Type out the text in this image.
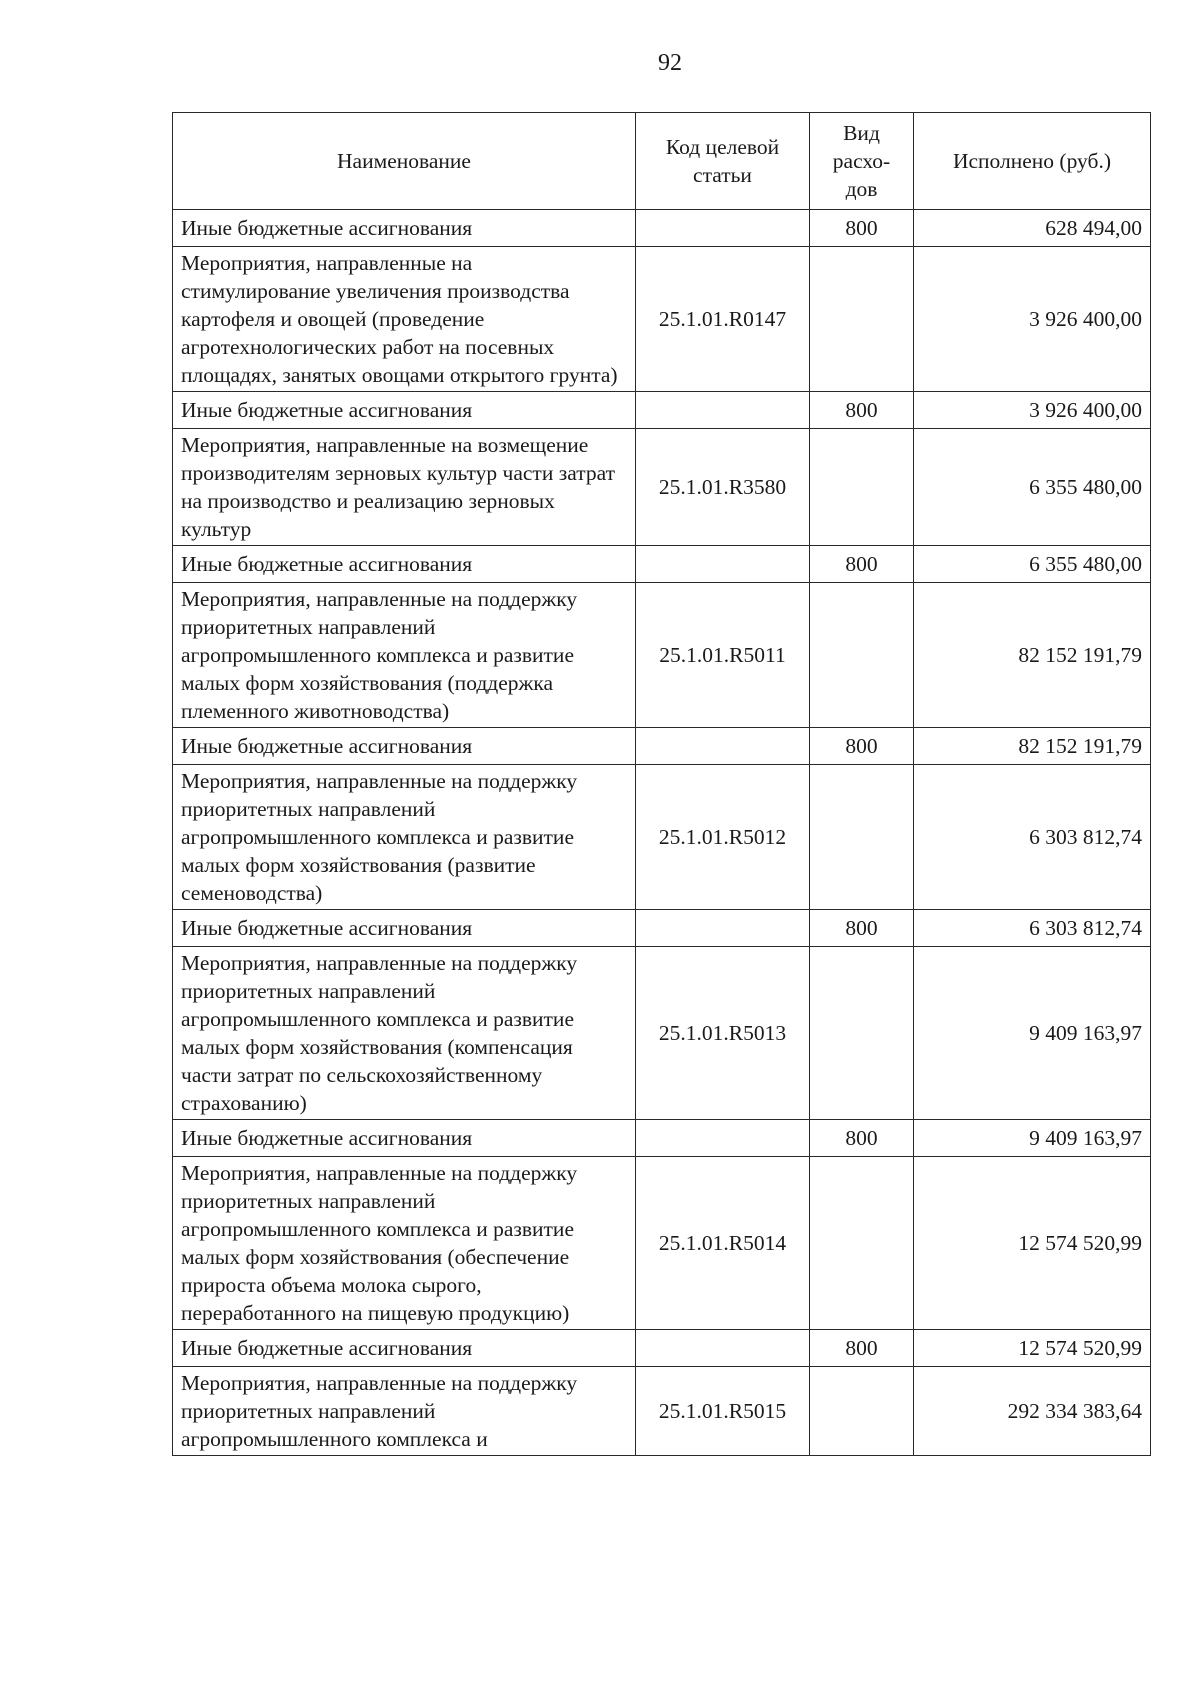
92
Наименование	Код целевой статьи	Вид расхо-дов	Исполнено (руб.)
Иные бюджетные ассигнования		800	628 494,00
Мероприятия, направленные на стимулирование увеличения производства картофеля и овощей (проведение агротехнологических работ на посевных площадях, занятых овощами открытого грунта)	25.1.01.R0147		3 926 400,00
Иные бюджетные ассигнования		800	3 926 400,00
Мероприятия, направленные на возмещение производителям зерновых культур части затрат на производство и реализацию зерновых культур	25.1.01.R3580		6 355 480,00
Иные бюджетные ассигнования		800	6 355 480,00
Мероприятия, направленные на поддержку приоритетных направлений агропромышленного комплекса и развитие малых форм хозяйствования (поддержка племенного животноводства)	25.1.01.R5011		82 152 191,79
Иные бюджетные ассигнования		800	82 152 191,79
Мероприятия, направленные на поддержку приоритетных направлений агропромышленного комплекса и развитие малых форм хозяйствования (развитие семеноводства)	25.1.01.R5012		6 303 812,74
Иные бюджетные ассигнования		800	6 303 812,74
Мероприятия, направленные на поддержку приоритетных направлений агропромышленного комплекса и развитие малых форм хозяйствования (компенсация части затрат по сельскохозяйственному страхованию)	25.1.01.R5013		9 409 163,97
Иные бюджетные ассигнования		800	9 409 163,97
Мероприятия, направленные на поддержку приоритетных направлений агропромышленного комплекса и развитие малых форм хозяйствования (обеспечение прироста объема молока сырого, переработанного на пищевую продукцию)	25.1.01.R5014		12 574 520,99
Иные бюджетные ассигнования		800	12 574 520,99
Мероприятия, направленные на поддержку приоритетных направлений агропромышленного комплекса и	25.1.01.R5015		292 334 383,64
